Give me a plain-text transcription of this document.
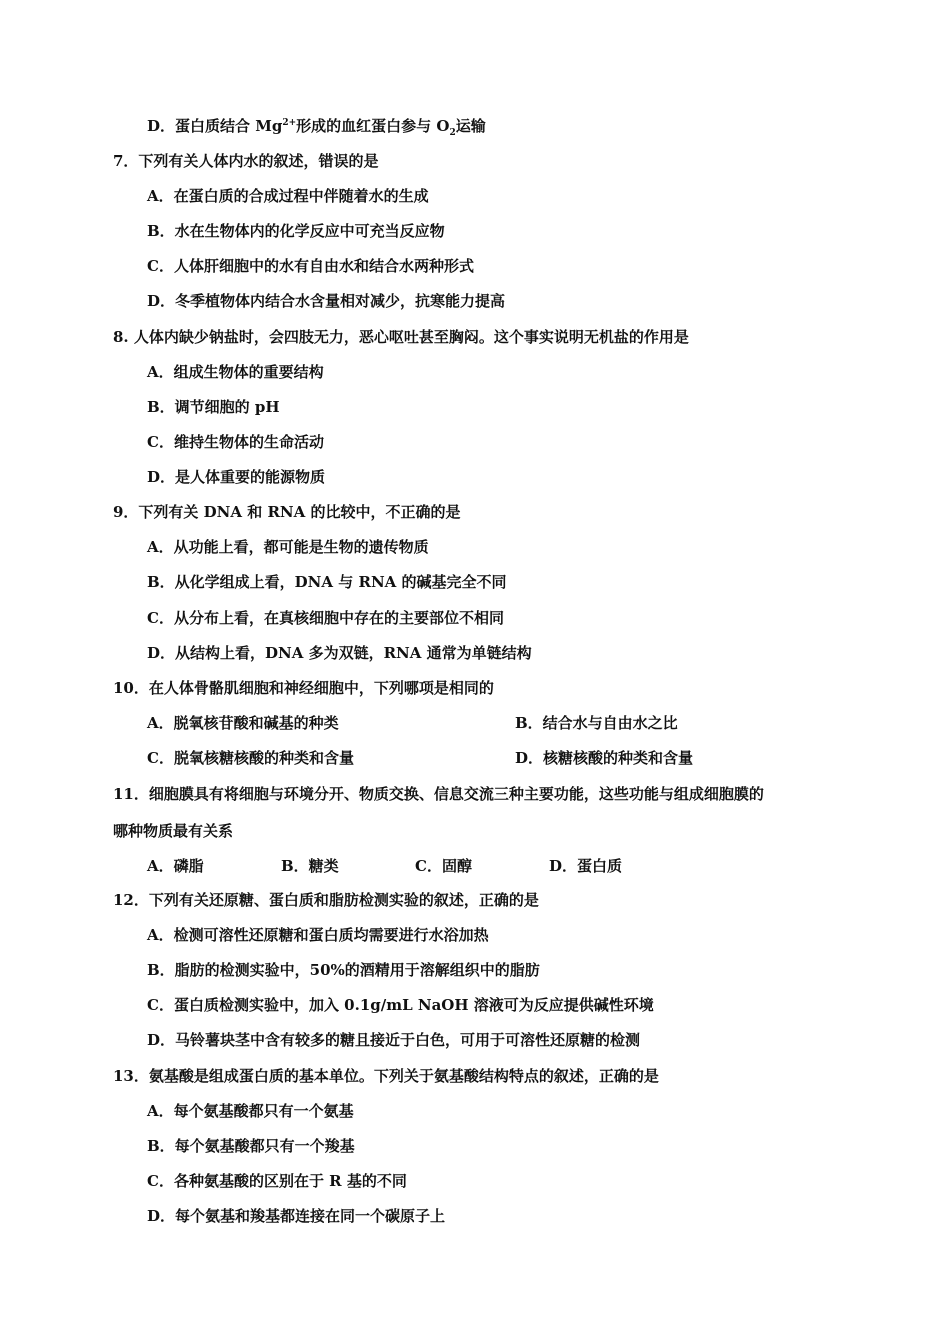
D．蛋白质结合 $Mg^{2+}$形成的血红蛋白参与 $O_2$运输
7．下列有关人体内水的叙述，错误的是
A．在蛋白质的合成过程中伴随着水的生成
B．水在生物体内的化学反应中可充当反应物
C．人体肝细胞中的水有自由水和结合水两种形式
D．冬季植物体内结合水含量相对减少，抗寒能力提高
8. 人体内缺少钠盐时，会四肢无力，恶心呕吐甚至胸闷。这个事实说明无机盐的作用是
A．组成生物体的重要结构
B．调节细胞的 pH
C．维持生物体的生命活动
D．是人体重要的能源物质
9．下列有关 DNA 和 RNA 的比较中，不正确的是
A．从功能上看，都可能是生物的遗传物质
B．从化学组成上看，DNA 与 RNA 的碱基完全不同
C．从分布上看，在真核细胞中存在的主要部位不相同
D．从结构上看，DNA 多为双链，RNA 通常为单链结构
10．在人体骨骼肌细胞和神经细胞中，下列哪项是相同的
A．脱氧核苷酸和碱基的种类	B．结合水与自由水之比
C．脱氧核糖核酸的种类和含量	D．核糖核酸的种类和含量
11．细胞膜具有将细胞与环境分开、物质交换、信息交流三种主要功能，这些功能与组成细胞膜的
哪种物质最有关系
A．磷脂	B．糖类	C．固醇	D．蛋白质
12．下列有关还原糖、蛋白质和脂肪检测实验的叙述，正确的是
A．检测可溶性还原糖和蛋白质均需要进行水浴加热
B．脂肪的检测实验中，50%的酒精用于溶解组织中的脂肪
C．蛋白质检测实验中，加入 0.1g/mL NaOH 溶液可为反应提供碱性环境
D．马铃薯块茎中含有较多的糖且接近于白色，可用于可溶性还原糖的检测
13．氨基酸是组成蛋白质的基本单位。下列关于氨基酸结构特点的叙述，正确的是
A．每个氨基酸都只有一个氨基
B．每个氨基酸都只有一个羧基
C．各种氨基酸的区别在于 R 基的不同
D．每个氨基和羧基都连接在同一个碳原子上
